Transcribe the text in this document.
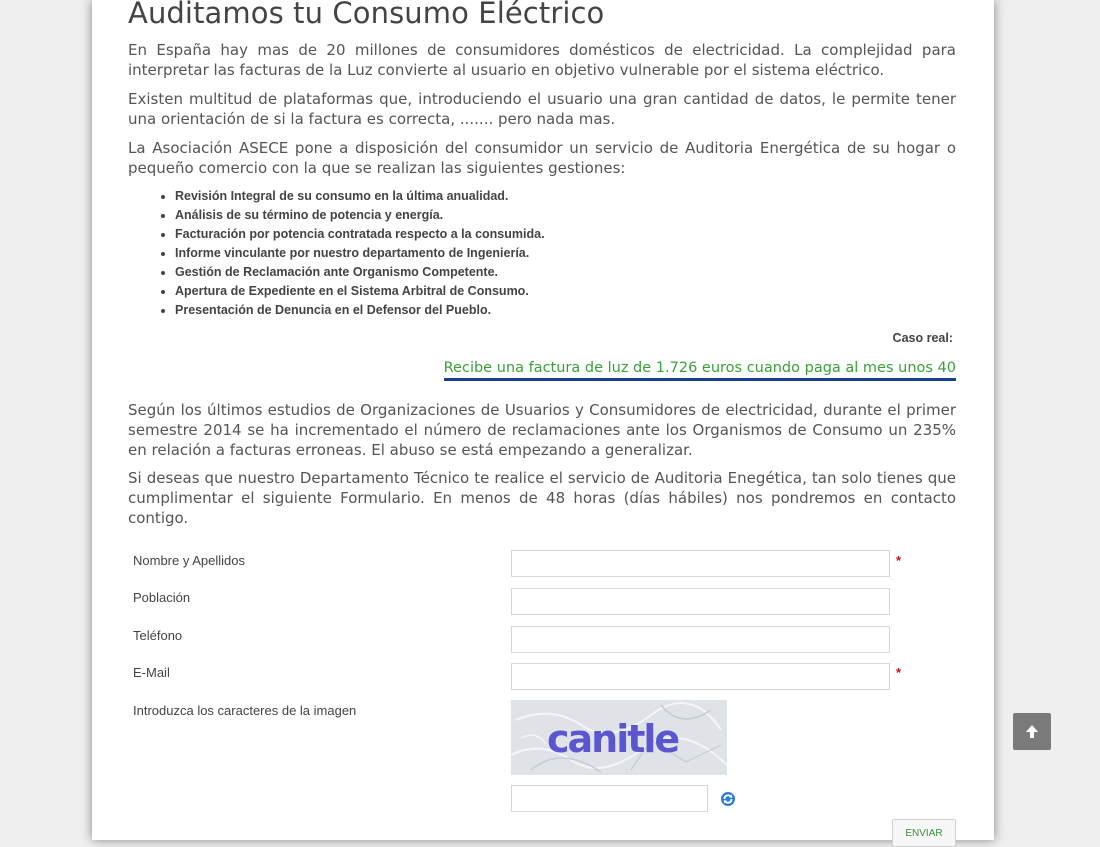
Auditamos tu Consumo Eléctrico

En España hay mas de 20 millones de consumidores domésticos de electricidad. La complejidad para interpretar las facturas de la Luz convierte al usuario en objetivo vulnerable por el sistema eléctrico.

Existen multitud de plataformas que, introduciendo el usuario una gran cantidad de datos, le permite tener una orientación de si la factura es correcta, ....... pero nada mas.

La Asociación ASECE pone a disposición del consumidor un servicio de Auditoria Energética de su hogar o pequeño comercio con la que se realizan las siguientes gestiones:

• Revisión Integral de su consumo en la última anualidad.
• Análisis de su término de potencia y energía.
• Facturación por potencia contratada respecto a la consumida.
• Informe vinculante por nuestro departamento de Ingeniería.
• Gestión de Reclamación ante Organismo Competente.
• Apertura de Expediente en el Sistema Arbitral de Consumo.
• Presentación de Denuncia en el Defensor del Pueblo.
Caso real:
Recibe una factura de luz de 1.726 euros cuando paga al mes unos 40

Según los últimos estudios de Organizaciones de Usuarios y Consumidores de electricidad, durante el primer semestre 2014 se ha incrementado el número de reclamaciones ante los Organismos de Consumo un 235% en relación a facturas erroneas. El abuso se está empezando a generalizar.

Si deseas que nuestro Departamento Técnico te realice el servicio de Auditoria Enegética, tan solo tienes que cumplimentar el siguiente Formulario. En menos de 48 horas (días hábiles) nos pondremos en contacto contigo.

Nombre y Apellidos	*
Población
Teléfono
E-Mail	*
Introduzca los caracteres de la imagen
canitle
ENVIAR
